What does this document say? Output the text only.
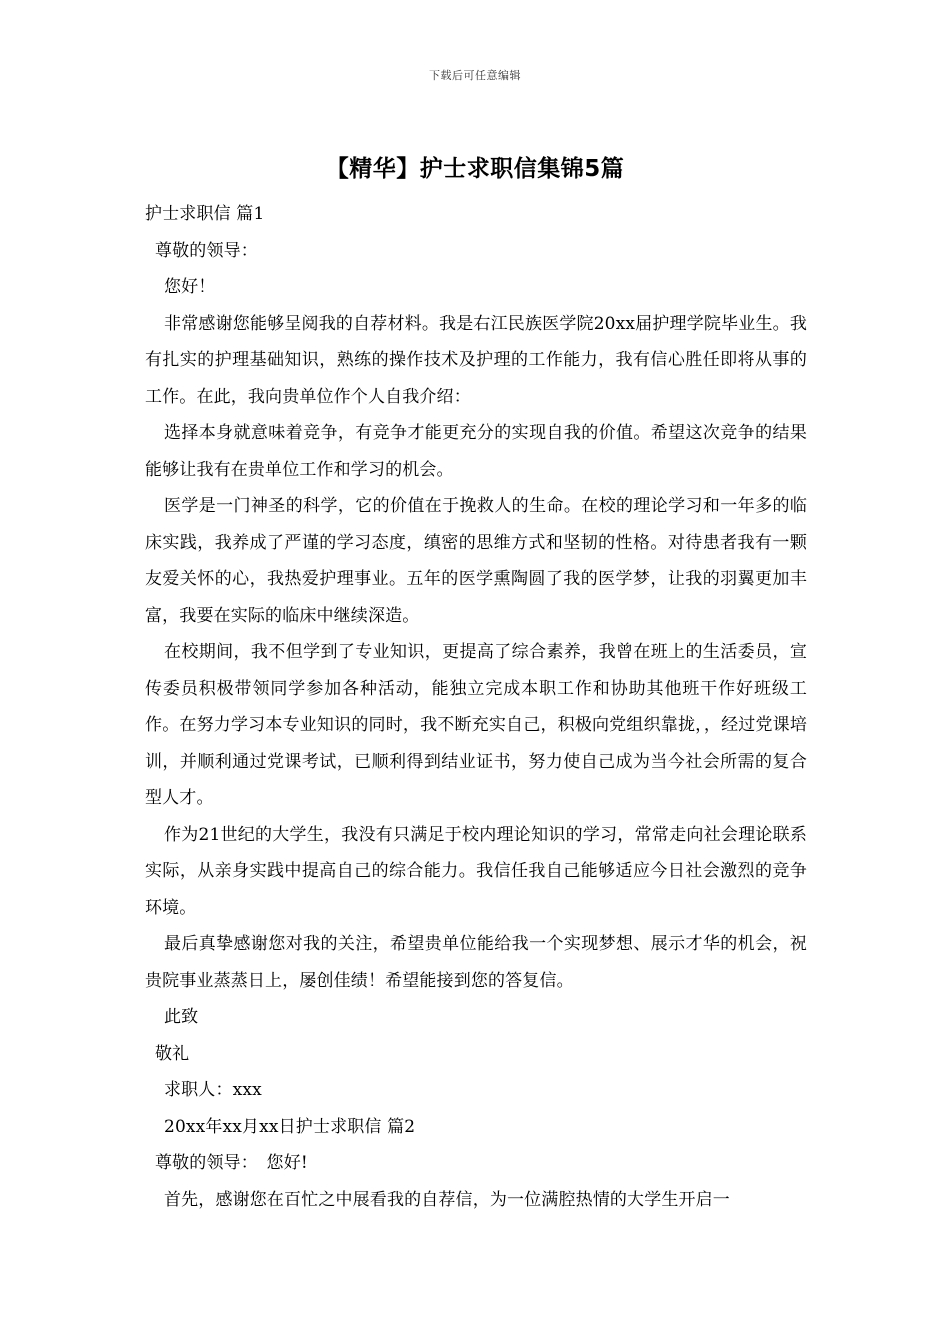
下载后可任意编辑
【精华】护士求职信集锦5篇
护士求职信 篇1
尊敬的领导：
您好！

非常感谢您能够呈阅我的自荐材料。我是右江民族医学院20xx届护理学院毕业生。我有扎实的护理基础知识，熟练的操作技术及护理的工作能力，我有信心胜任即将从事的工作。在此，我向贵单位作个人自我介绍：

选择本身就意味着竞争，有竞争才能更充分的实现自我的价值。希望这次竞争的结果能够让我有在贵单位工作和学习的机会。

医学是一门神圣的科学，它的价值在于挽救人的生命。在校的理论学习和一年多的临床实践，我养成了严谨的学习态度，缜密的思维方式和坚韧的性格。对待患者我有一颗友爱关怀的心，我热爱护理事业。五年的医学熏陶圆了我的医学梦，让我的羽翼更加丰富，我要在实际的临床中继续深造。

在校期间，我不但学到了专业知识，更提高了综合素养，我曾在班上的生活委员，宣传委员积极带领同学参加各种活动，能独立完成本职工作和协助其他班干作好班级工作。在努力学习本专业知识的同时，我不断充实自己，积极向党组织靠拢，，经过党课培训，并顺利通过党课考试，已顺利得到结业证书，努力使自己成为当今社会所需的复合型人才。

作为21世纪的大学生，我没有只满足于校内理论知识的学习，常常走向社会理论联系实际，从亲身实践中提高自己的综合能力。我信任我自己能够适应今日社会激烈的竞争环境。

最后真挚感谢您对我的关注，希望贵单位能给我一个实现梦想、展示才华的机会，祝贵院事业蒸蒸日上，屡创佳绩！希望能接到您的答复信。

此致
敬礼
求职人：xxx
20xx年xx月xx日护士求职信 篇2
尊敬的领导：　您好!
首先，感谢您在百忙之中展看我的自荐信，为一位满腔热情的大学生开启一
